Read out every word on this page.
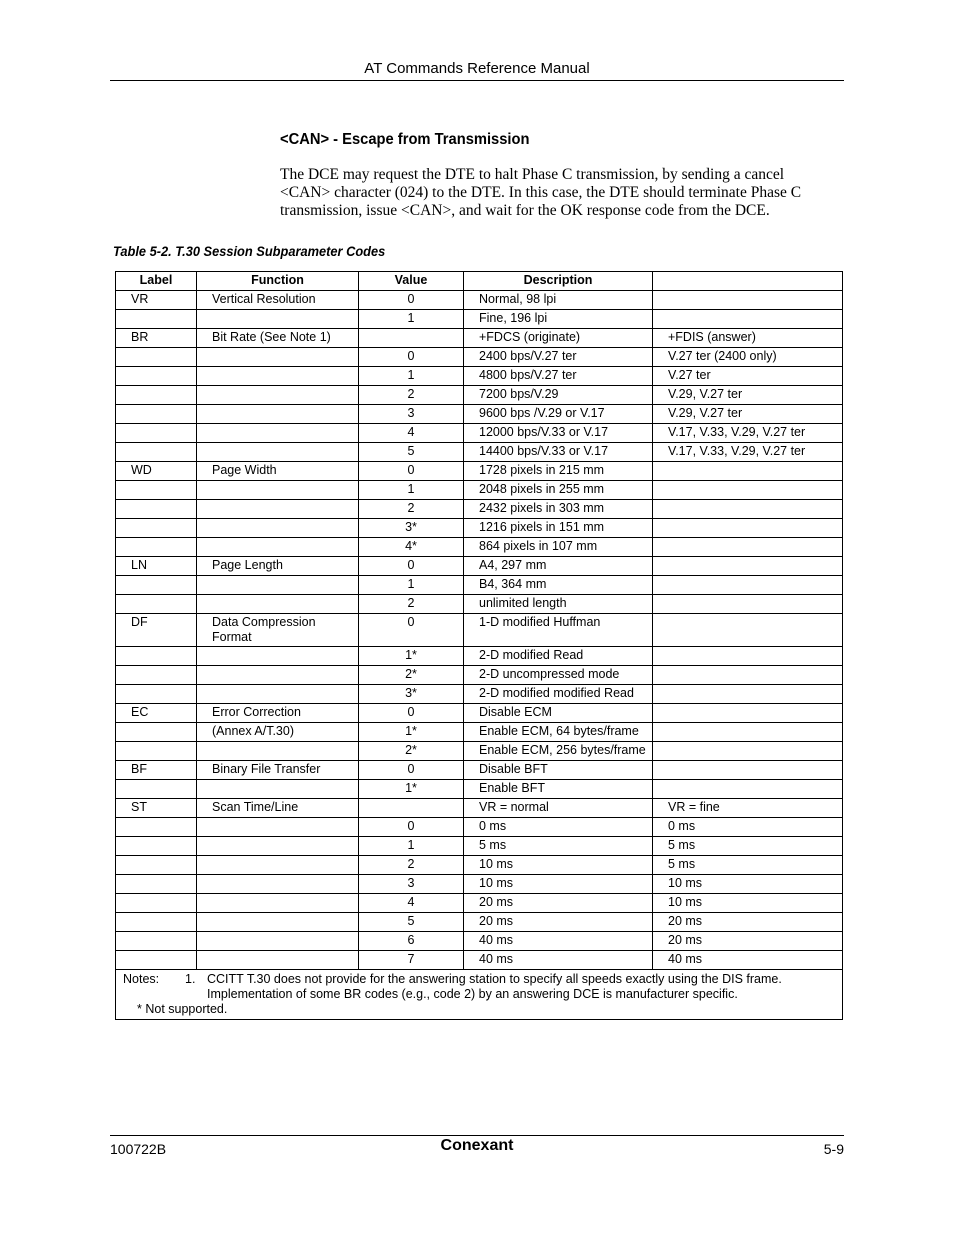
AT Commands Reference Manual
<CAN> - Escape from Transmission
The DCE may request the DTE to halt Phase C transmission, by sending a cancel <CAN> character (024) to the DTE. In this case, the DTE should terminate Phase C transmission, issue <CAN>, and wait for the OK response code from the DCE.
Table 5-2. T.30 Session Subparameter Codes
Label	Function	Value	Description	
VR	Vertical Resolution	0	Normal, 98 lpi	
		1	Fine, 196 lpi	
BR	Bit Rate (See Note 1)		+FDCS (originate)	+FDIS (answer)
		0	2400 bps/V.27 ter	V.27 ter (2400 only)
		1	4800 bps/V.27 ter	V.27 ter
		2	7200 bps/V.29	V.29, V.27 ter
		3	9600 bps /V.29 or V.17	V.29, V.27 ter
		4	12000 bps/V.33 or V.17	V.17, V.33, V.29, V.27 ter
		5	14400 bps/V.33 or V.17	V.17, V.33, V.29, V.27 ter
WD	Page Width	0	1728 pixels in 215 mm	
		1	2048 pixels in 255 mm	
		2	2432 pixels in 303 mm	
		3*	1216 pixels in 151 mm	
		4*	864 pixels in 107 mm	
LN	Page Length	0	A4, 297 mm	
		1	B4, 364 mm	
		2	unlimited length	
DF	Data Compression Format	0	1-D modified Huffman	
		1*	2-D modified Read	
		2*	2-D uncompressed mode	
		3*	2-D modified modified Read	
EC	Error Correction	0	Disable ECM	
	(Annex A/T.30)	1*	Enable ECM, 64 bytes/frame	
		2*	Enable ECM, 256 bytes/frame	
BF	Binary File Transfer	0	Disable BFT	
		1*	Enable BFT	
ST	Scan Time/Line		VR = normal	VR = fine
		0	0 ms	0 ms
		1	5 ms	5 ms
		2	10 ms	5 ms
		3	10 ms	10 ms
		4	20 ms	10 ms
		5	20 ms	20 ms
		6	40 ms	20 ms
		7	40 ms	40 ms

Notes: 1. CCITT T.30 does not provide for the answering station to specify all speeds exactly using the DIS frame.
Implementation of some BR codes (e.g., code 2) by an answering DCE is manufacturer specific.
* Not supported.				
100722B	Conexant	5-9
